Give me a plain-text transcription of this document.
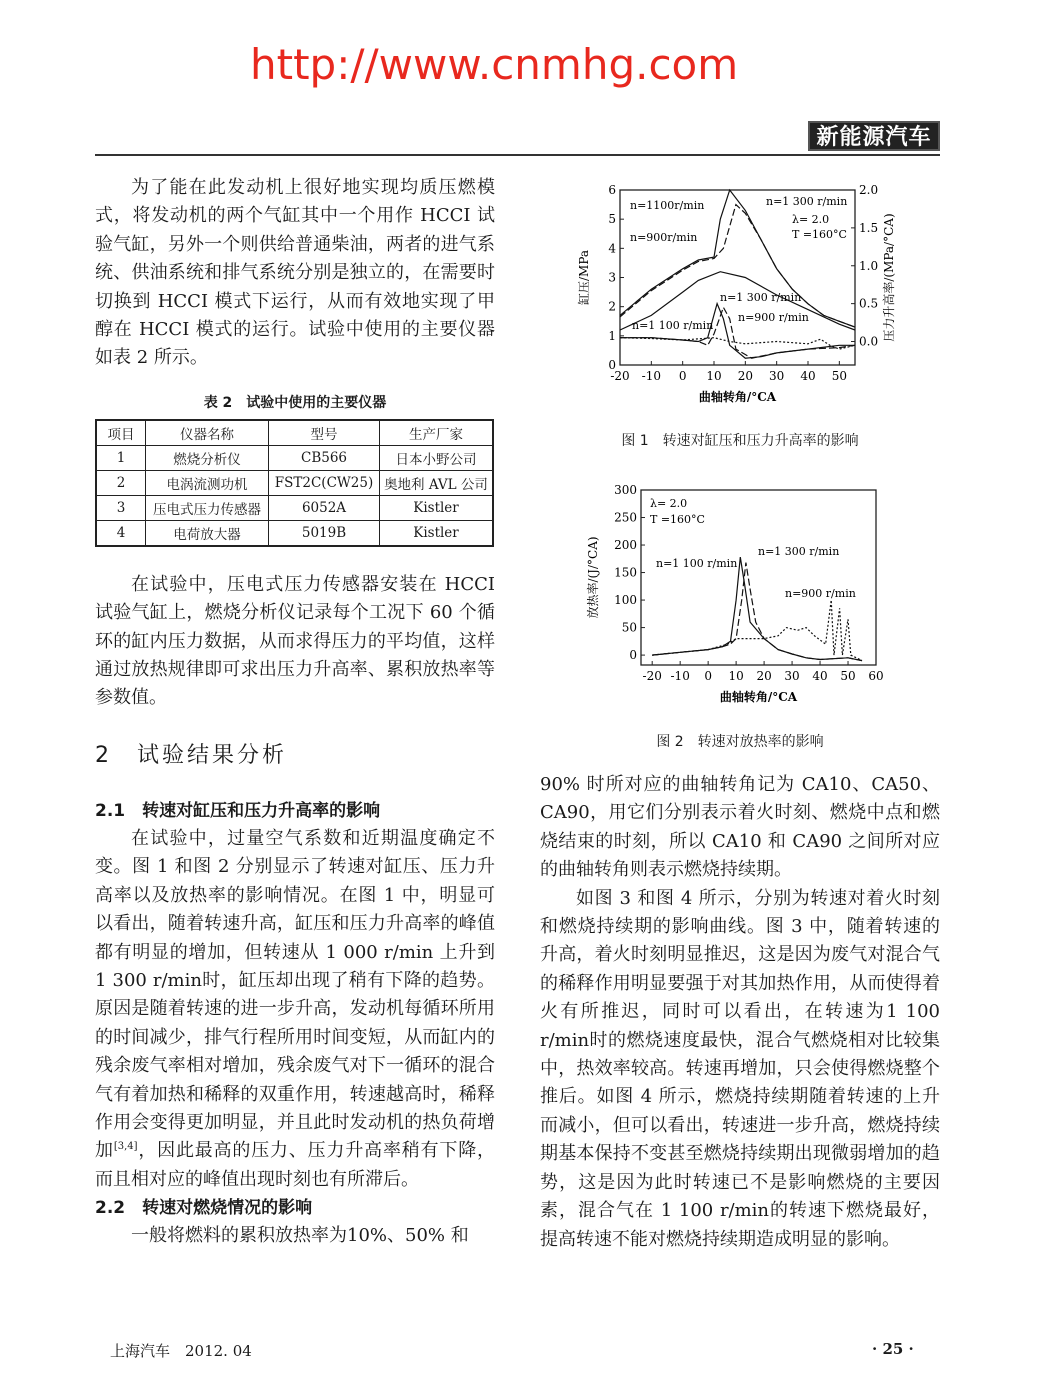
http://www.cnmhg.com
新能源汽车

为了能在此发动机上很好地实现均质压燃模式，将发动机的两个气缸其中一个用作 HCCI 试验气缸，另外一个则供给普通柴油，两者的进气系统、供油系统和排气系统分别是独立的，在需要时切换到 HCCI 模式下运行，从而有效地实现了甲醇在 HCCI 模式的运行。试验中使用的主要仪器如表 2 所示。

表 2　试验中使用的主要仪器
项目	仪器名称	型号	生产厂家
1	燃烧分析仪	CB566	日本小野公司
2	电涡流测功机	FST2C(CW25)	奥地利 AVL 公司
3	压电式压力传感器	6052A	Kistler
4	电荷放大器	5019B	Kistler

在试验中，压电式压力传感器安装在 HCCI 试验气缸上，燃烧分析仪记录每个工况下 60 个循环的缸内压力数据，从而求得压力的平均值，这样通过放热规律即可求出压力升高率、累积放热率等参数值。

2　试验结果分析
2.1　转速对缸压和压力升高率的影响

在试验中，过量空气系数和近期温度确定不变。图 1 和图 2 分别显示了转速对缸压、压力升高率以及放热率的影响情况。在图 1 中，明显可以看出，随着转速升高，缸压和压力升高率的峰值都有明显的增加，但转速从 1 000 r/min 上升到 1 300 r/min时，缸压却出现了稍有下降的趋势。原因是随着转速的进一步升高，发动机每循环所用的时间减少，排气行程所用时间变短，从而缸内的残余废气率相对增加，残余废气对下一循环的混合气有着加热和稀释的双重作用，转速越高时，稀释作用会变得更加明显，并且此时发动机的热负荷增加[3,4]，因此最高的压力、压力升高率稍有下降，而且相对应的峰值出现时刻也有所滞后。

2.2　转速对燃烧情况的影响

一般将燃料的累积放热率为10%、50% 和

-20 -10 0 10 20 30 40 50
0
1
2
3
4
5
6
0.0
0.5
1.0
1.5
2.0
曲轴转角/°CA
缸压/MPa	压力升高率/(MPa/°CA)
n=1100r/min	n=1 300 r/min
λ= 2.0
T =160°C
n=900r/min
n=1 300 r/min
n=1 100 r/min
n=900 r/min
图 1　转速对缸压和压力升高率的影响
-20 -10 0 10 20 30 40 50 60
0
50
100
150
200
250
300
曲轴转角/°CA
放热率/(J/°CA)
λ= 2.0
T =160°C
n=1 100 r/min
n=1 300 r/min
n=900 r/min
图 2　转速对放热率的影响

90% 时所对应的曲轴转角记为 CA10、CA50、CA90，用它们分别表示着火时刻、燃烧中点和燃烧结束的时刻，所以 CA10 和 CA90 之间所对应的曲轴转角则表示燃烧持续期。

如图 3 和图 4 所示，分别为转速对着火时刻和燃烧持续期的影响曲线。图 3 中，随着转速的升高，着火时刻明显推迟，这是因为废气对混合气的稀释作用明显要强于对其加热作用，从而使得着火有所推迟，同时可以看出，在转速为1 100 r/min时的燃烧速度最快，混合气燃烧相对比较集中，热效率较高。转速再增加，只会使得燃烧整个推后。如图 4 所示，燃烧持续期随着转速的上升而减小，但可以看出，转速进一步升高，燃烧持续期基本保持不变甚至燃烧持续期出现微弱增加的趋势，这是因为此时转速已不是影响燃烧的主要因素，混合气在 1 100 r/min的转速下燃烧最好，提高转速不能对燃烧持续期造成明显的影响。

上海汽车　2012. 04	· 25 ·
